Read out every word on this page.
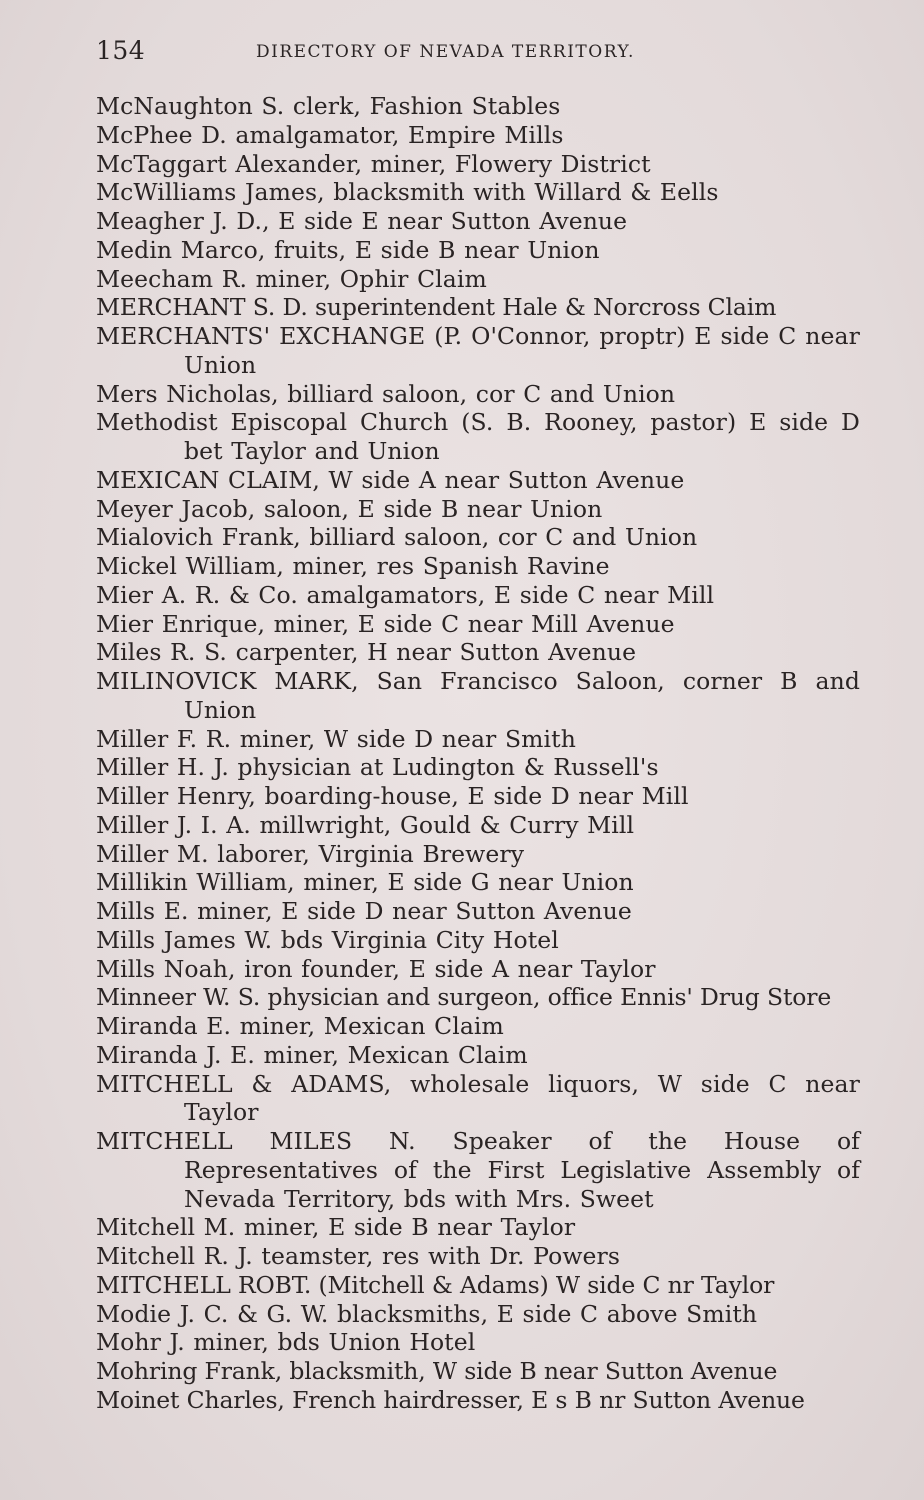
154	DIRECTORY OF NEVADA TERRITORY.
McNaughton S. clerk, Fashion Stables
McPhee D. amalgamator, Empire Mills
McTaggart Alexander, miner, Flowery District
McWilliams James, blacksmith with Willard & Eells
Meagher J. D., E side E near Sutton Avenue
Medin Marco, fruits, E side B near Union
Meecham R. miner, Ophir Claim
MERCHANT S. D. superintendent Hale & Norcross Claim
MERCHANTS' EXCHANGE (P. O'Connor, proptr) E side C near Union
Mers Nicholas, billiard saloon, cor C and Union
Methodist Episcopal Church (S. B. Rooney, pastor) E side D bet Taylor and Union
MEXICAN CLAIM, W side A near Sutton Avenue
Meyer Jacob, saloon, E side B near Union
Mialovich Frank, billiard saloon, cor C and Union
Mickel William, miner, res Spanish Ravine
Mier A. R. & Co. amalgamators, E side C near Mill
Mier Enrique, miner, E side C near Mill Avenue
Miles R. S. carpenter, H near Sutton Avenue
MILINOVICK MARK, San Francisco Saloon, corner B and Union
Miller F. R. miner, W side D near Smith
Miller H. J. physician at Ludington & Russell's
Miller Henry, boarding-house, E side D near Mill
Miller J. I. A. millwright, Gould & Curry Mill
Miller M. laborer, Virginia Brewery
Millikin William, miner, E side G near Union
Mills E. miner, E side D near Sutton Avenue
Mills James W. bds Virginia City Hotel
Mills Noah, iron founder, E side A near Taylor
Minneer W. S. physician and surgeon, office Ennis' Drug Store
Miranda E. miner, Mexican Claim
Miranda J. E. miner, Mexican Claim
MITCHELL & ADAMS, wholesale liquors, W side C near Taylor
MITCHELL MILES N. Speaker of the House of Representatives of the First Legislative Assembly of Nevada Territory, bds with Mrs. Sweet
Mitchell M. miner, E side B near Taylor
Mitchell R. J. teamster, res with Dr. Powers
MITCHELL ROBT. (Mitchell & Adams) W side C nr Taylor
Modie J. C. & G. W. blacksmiths, E side C above Smith
Mohr J. miner, bds Union Hotel
Mohring Frank, blacksmith, W side B near Sutton Avenue
Moinet Charles, French hairdresser, E s B nr Sutton Avenue
